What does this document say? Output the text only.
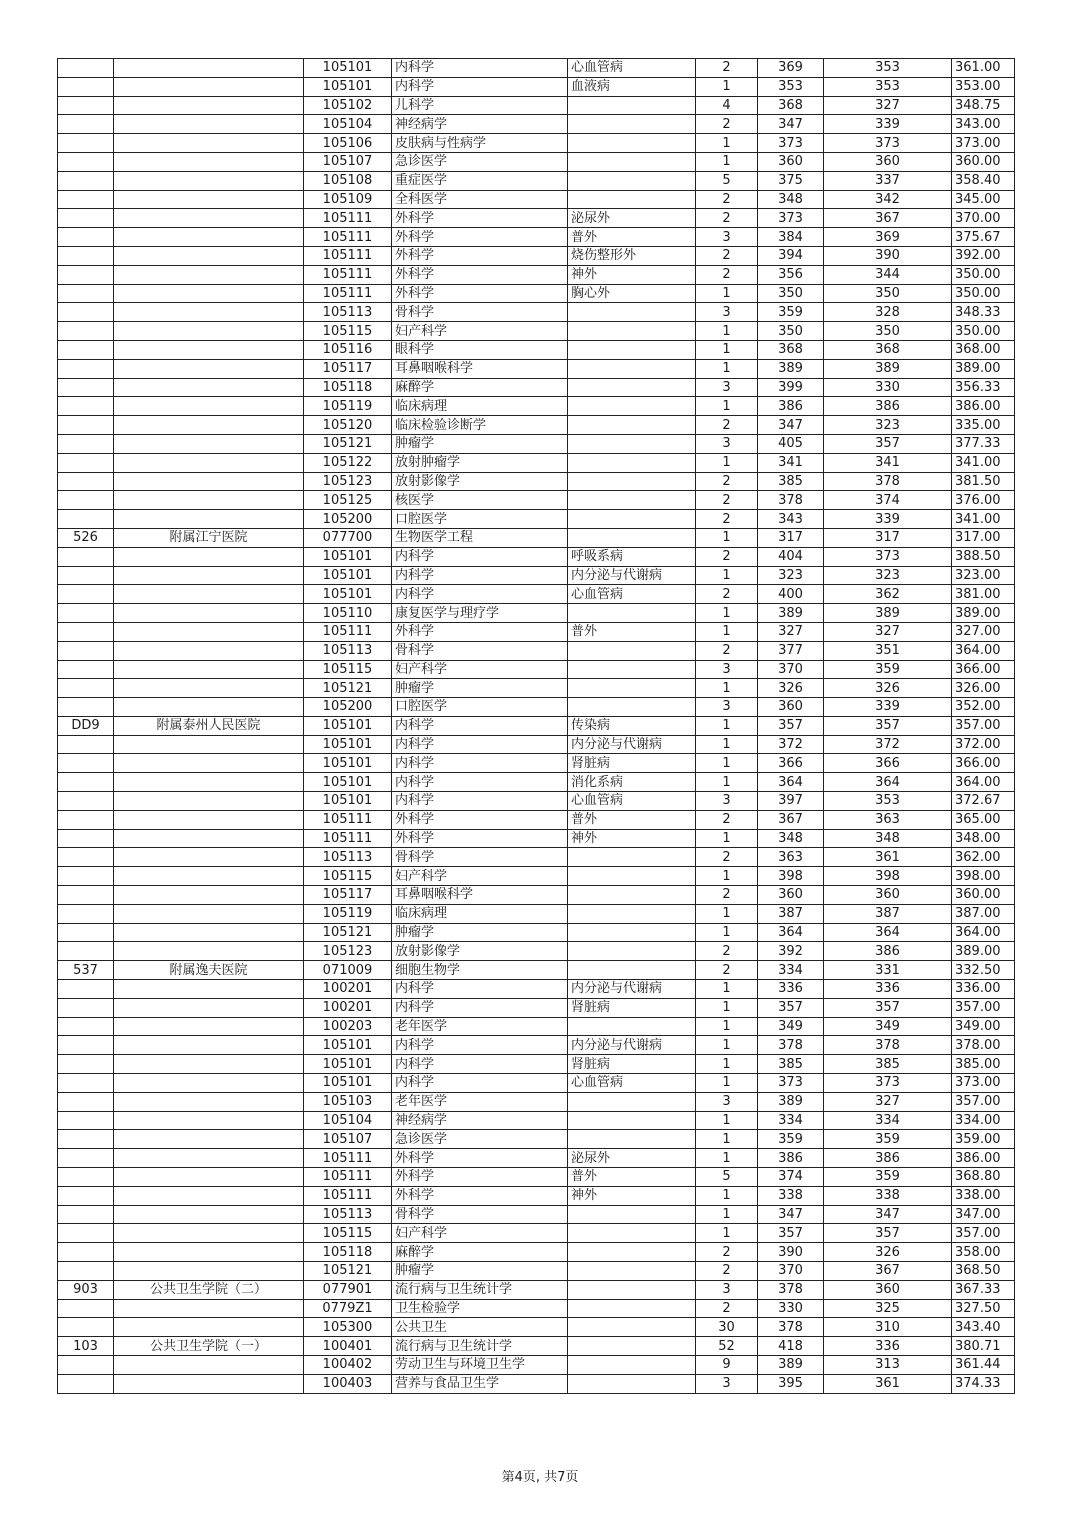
		105101	内科学	心血管病	2	369	353	361.00
		105101	内科学	血液病	1	353	353	353.00
		105102	儿科学		4	368	327	348.75
		105104	神经病学		2	347	339	343.00
		105106	皮肤病与性病学		1	373	373	373.00
		105107	急诊医学		1	360	360	360.00
		105108	重症医学		5	375	337	358.40
		105109	全科医学		2	348	342	345.00
		105111	外科学	泌尿外	2	373	367	370.00
		105111	外科学	普外	3	384	369	375.67
		105111	外科学	烧伤整形外	2	394	390	392.00
		105111	外科学	神外	2	356	344	350.00
		105111	外科学	胸心外	1	350	350	350.00
		105113	骨科学		3	359	328	348.33
		105115	妇产科学		1	350	350	350.00
		105116	眼科学		1	368	368	368.00
		105117	耳鼻咽喉科学		1	389	389	389.00
		105118	麻醉学		3	399	330	356.33
		105119	临床病理		1	386	386	386.00
		105120	临床检验诊断学		2	347	323	335.00
		105121	肿瘤学		3	405	357	377.33
		105122	放射肿瘤学		1	341	341	341.00
		105123	放射影像学		2	385	378	381.50
		105125	核医学		2	378	374	376.00
		105200	口腔医学		2	343	339	341.00
526	附属江宁医院	077700	生物医学工程		1	317	317	317.00
		105101	内科学	呼吸系病	2	404	373	388.50
		105101	内科学	内分泌与代谢病	1	323	323	323.00
		105101	内科学	心血管病	2	400	362	381.00
		105110	康复医学与理疗学		1	389	389	389.00
		105111	外科学	普外	1	327	327	327.00
		105113	骨科学		2	377	351	364.00
		105115	妇产科学		3	370	359	366.00
		105121	肿瘤学		1	326	326	326.00
		105200	口腔医学		3	360	339	352.00
DD9	附属泰州人民医院	105101	内科学	传染病	1	357	357	357.00
		105101	内科学	内分泌与代谢病	1	372	372	372.00
		105101	内科学	肾脏病	1	366	366	366.00
		105101	内科学	消化系病	1	364	364	364.00
		105101	内科学	心血管病	3	397	353	372.67
		105111	外科学	普外	2	367	363	365.00
		105111	外科学	神外	1	348	348	348.00
		105113	骨科学		2	363	361	362.00
		105115	妇产科学		1	398	398	398.00
		105117	耳鼻咽喉科学		2	360	360	360.00
		105119	临床病理		1	387	387	387.00
		105121	肿瘤学		1	364	364	364.00
		105123	放射影像学		2	392	386	389.00
537	附属逸夫医院	071009	细胞生物学		2	334	331	332.50
		100201	内科学	内分泌与代谢病	1	336	336	336.00
		100201	内科学	肾脏病	1	357	357	357.00
		100203	老年医学		1	349	349	349.00
		105101	内科学	内分泌与代谢病	1	378	378	378.00
		105101	内科学	肾脏病	1	385	385	385.00
		105101	内科学	心血管病	1	373	373	373.00
		105103	老年医学		3	389	327	357.00
		105104	神经病学		1	334	334	334.00
		105107	急诊医学		1	359	359	359.00
		105111	外科学	泌尿外	1	386	386	386.00
		105111	外科学	普外	5	374	359	368.80
		105111	外科学	神外	1	338	338	338.00
		105113	骨科学		1	347	347	347.00
		105115	妇产科学		1	357	357	357.00
		105118	麻醉学		2	390	326	358.00
		105121	肿瘤学		2	370	367	368.50
903	公共卫生学院（二）	077901	流行病与卫生统计学		3	378	360	367.33
		0779Z1	卫生检验学		2	330	325	327.50
		105300	公共卫生		30	378	310	343.40
103	公共卫生学院（一）	100401	流行病与卫生统计学		52	418	336	380.71
		100402	劳动卫生与环境卫生学		9	389	313	361.44
		100403	营养与食品卫生学		3	395	361	374.33
第4页, 共7页
